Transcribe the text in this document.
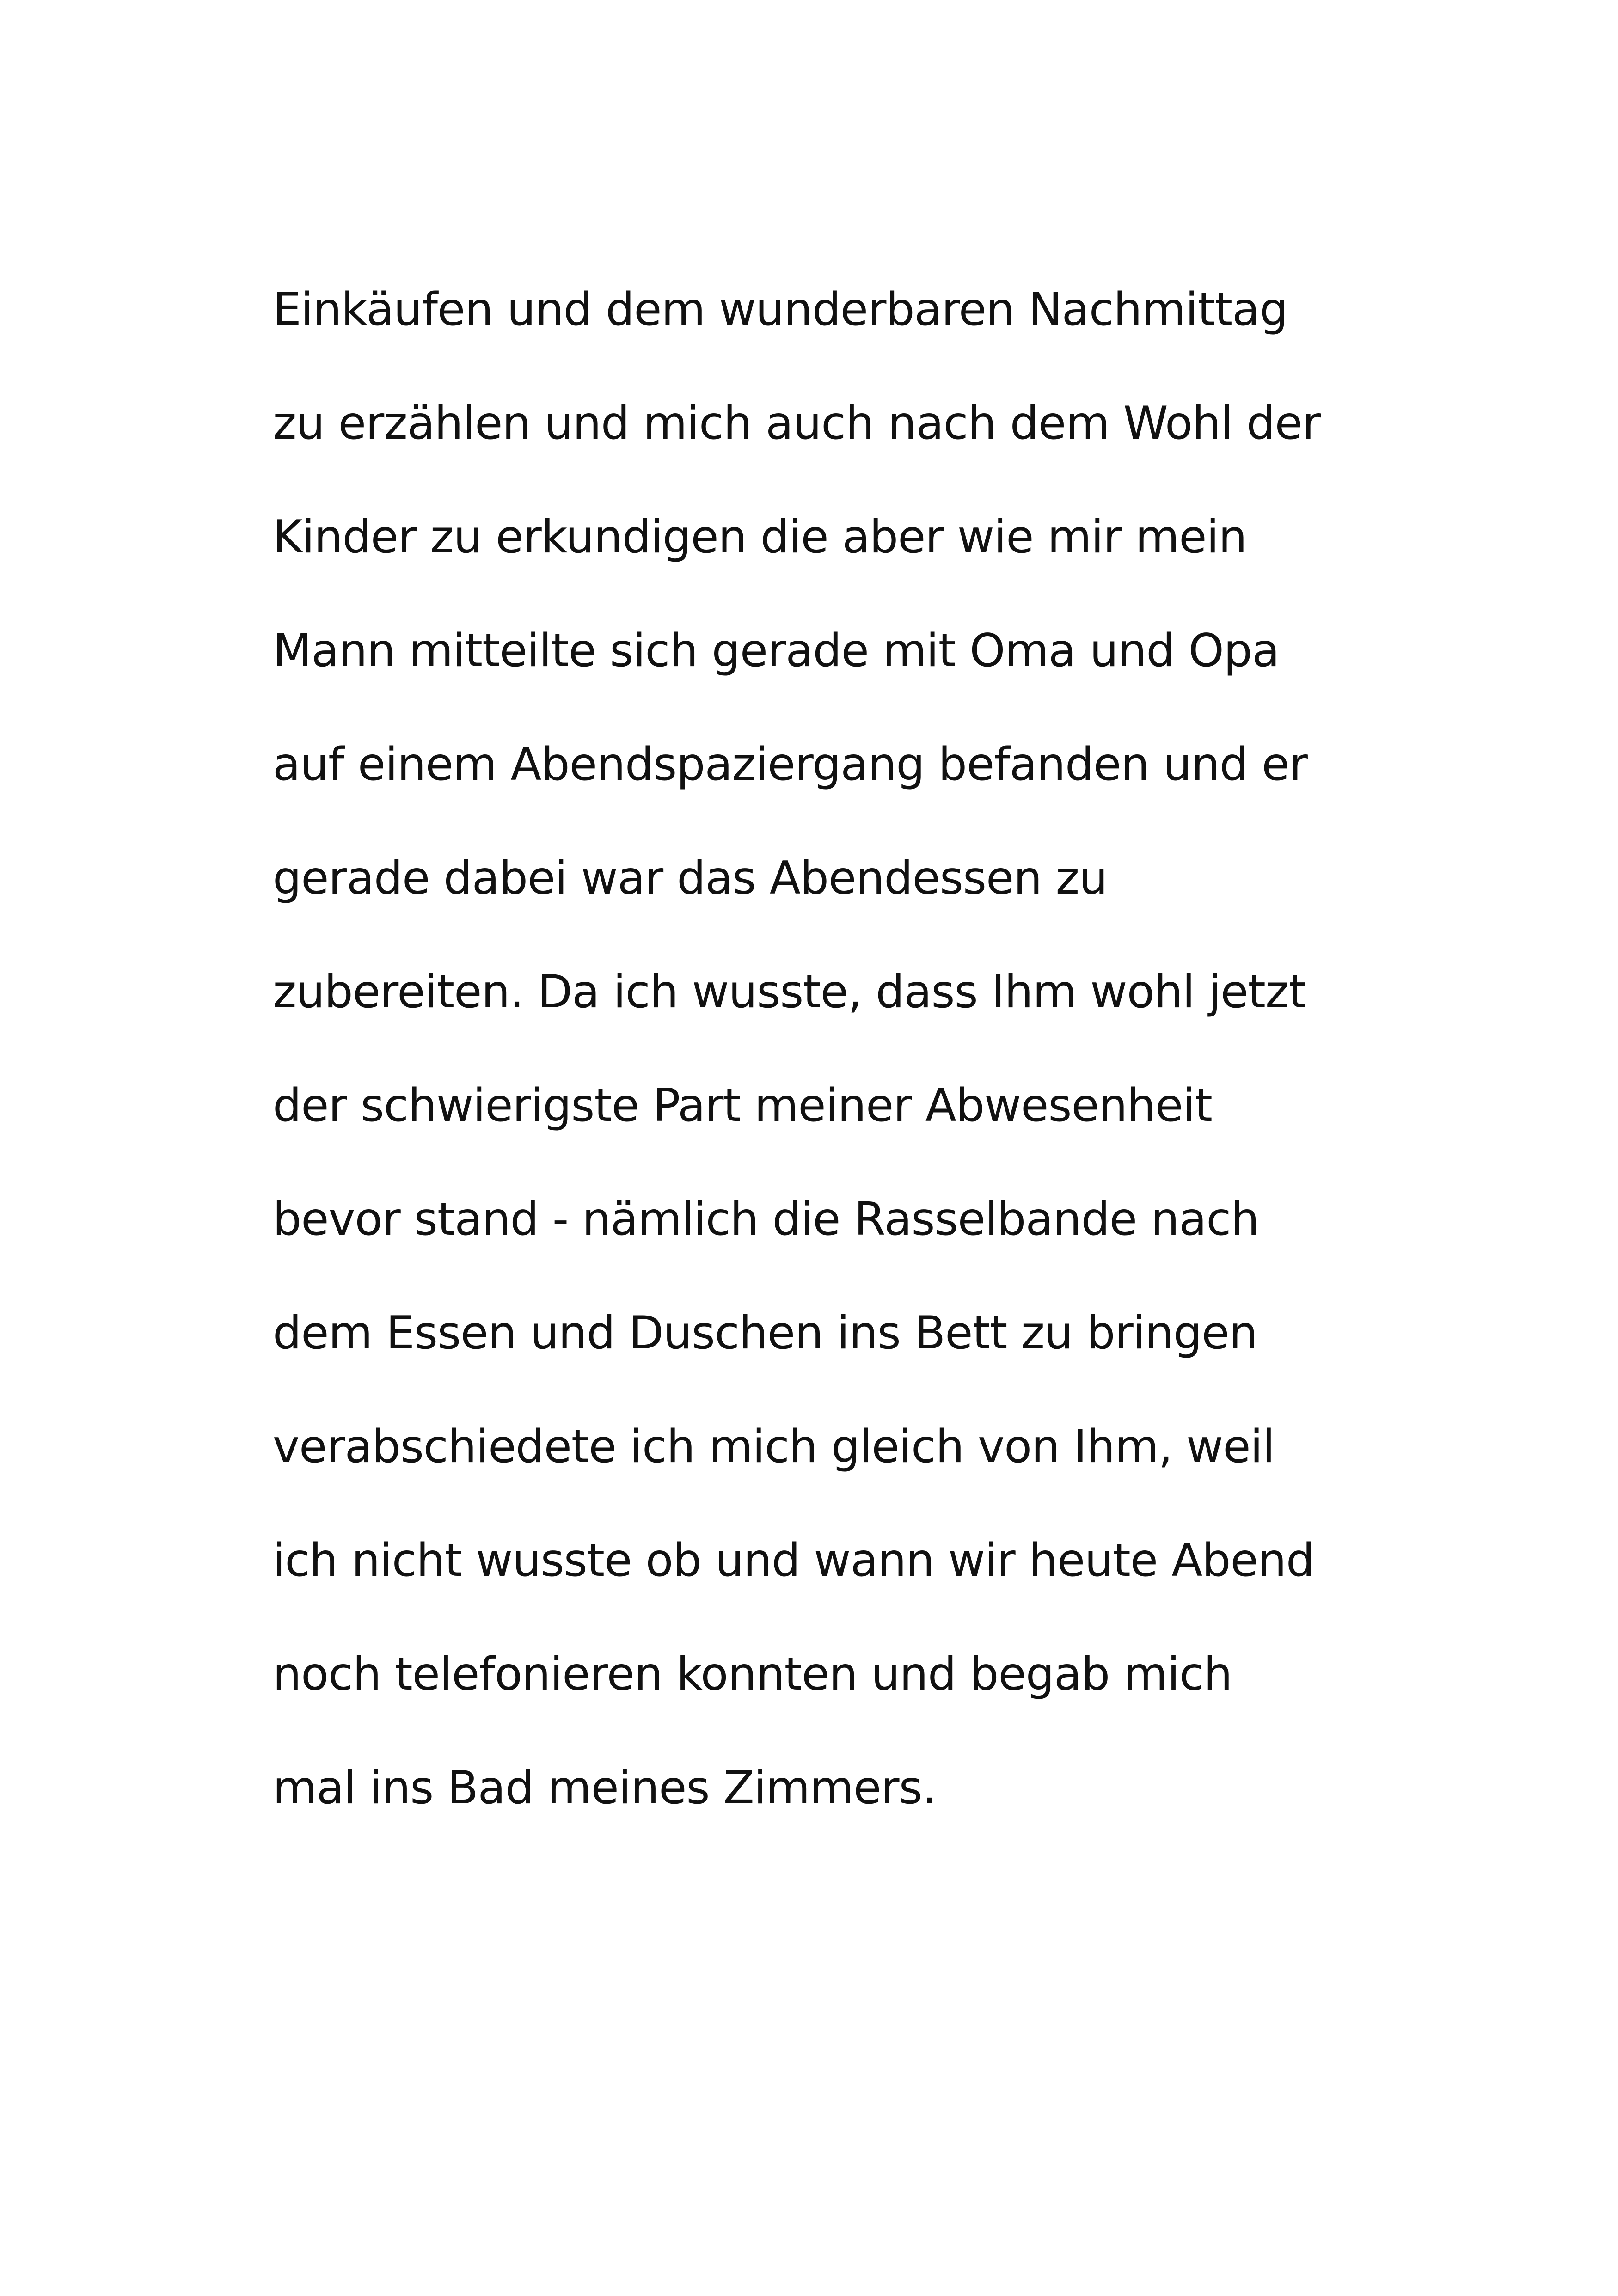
Einkäufen und dem wunderbaren Nachmittag
zu erzählen und mich auch nach dem Wohl der
Kinder zu erkundigen die aber wie mir mein
Mann mitteilte sich gerade mit Oma und Opa
auf einem Abendspaziergang befanden und er
gerade dabei war das Abendessen zu
zubereiten. Da ich wusste, dass Ihm wohl jetzt
der schwierigste Part meiner Abwesenheit
bevor stand - nämlich die Rasselbande nach
dem Essen und Duschen ins Bett zu bringen
verabschiedete ich mich gleich von Ihm, weil
ich nicht wusste ob und wann wir heute Abend
noch telefonieren konnten und begab mich
mal ins Bad meines Zimmers.
